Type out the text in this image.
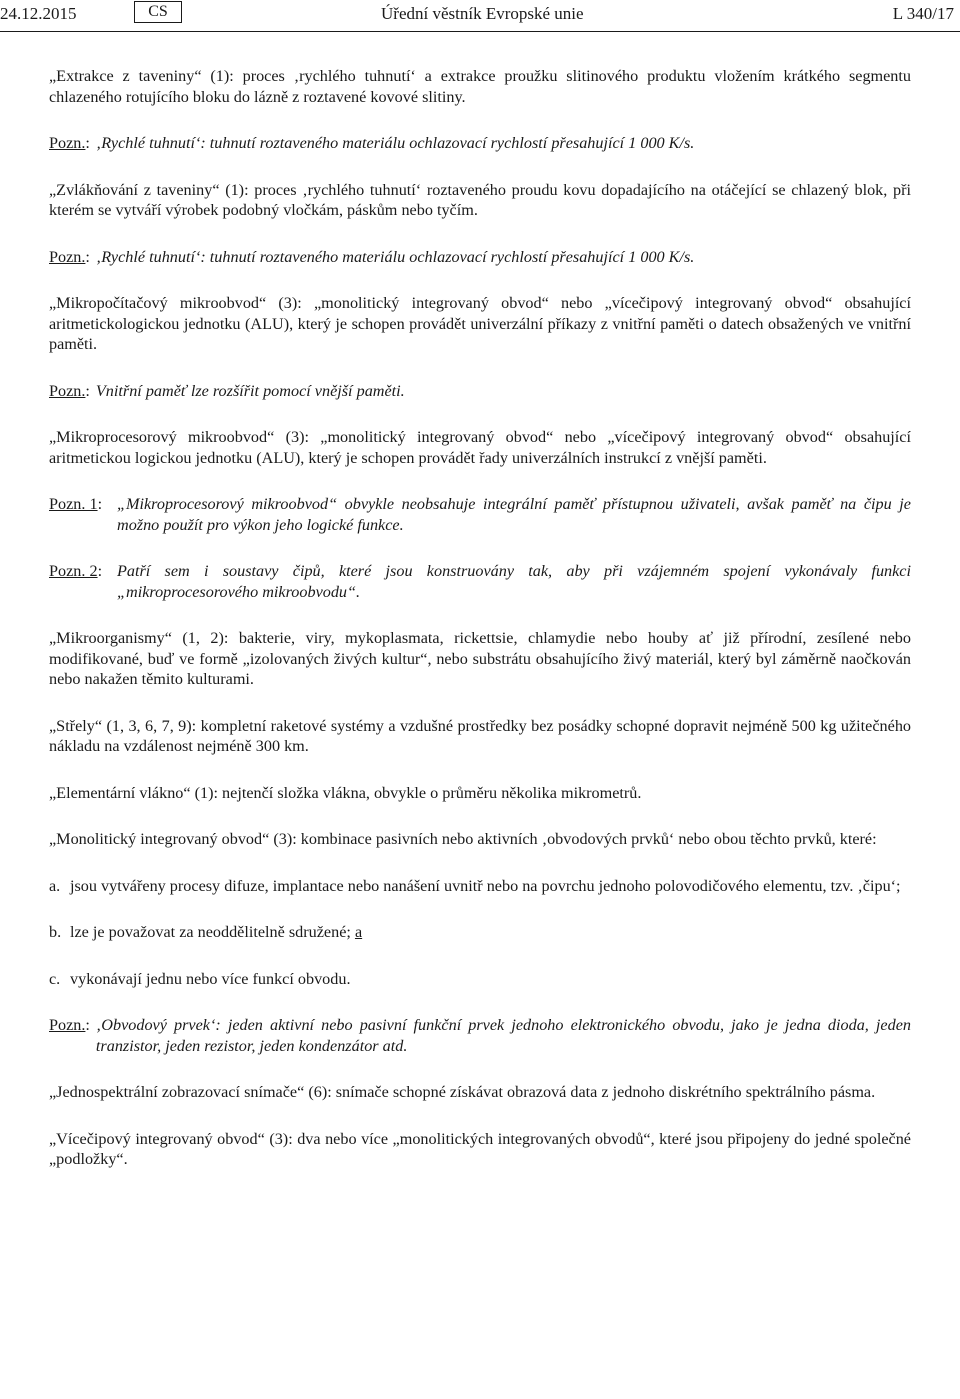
24.12.2015	CS	Úřední věstník Evropské unie	L 340/17

„Extrakce z taveniny“ (1): proces ‚rychlého tuhnutí‘ a extrakce proužku slitinového produktu vložením krátkého segmentu chlazeného rotujícího bloku do lázně z roztavené kovové slitiny.

Pozn.: ‚Rychlé tuhnutí‘: tuhnutí roztaveného materiálu ochlazovací rychlostí přesahující 1 000 K/s.

„Zvlákňování z taveniny“ (1): proces ‚rychlého tuhnutí‘ roztaveného proudu kovu dopadajícího na otáčející se chlazený blok, při kterém se vytváří výrobek podobný vločkám, páskům nebo tyčím.

Pozn.: ‚Rychlé tuhnutí‘: tuhnutí roztaveného materiálu ochlazovací rychlostí přesahující 1 000 K/s.

„Mikropočítačový mikroobvod“ (3): „monolitický integrovaný obvod“ nebo „vícečipový integrovaný obvod“ obsahující aritmetickologickou jednotku (ALU), který je schopen provádět univerzální příkazy z vnitřní paměti o datech obsažených ve vnitřní paměti.

Pozn.: Vnitřní paměť lze rozšířit pomocí vnější paměti.

„Mikroprocesorový mikroobvod“ (3): „monolitický integrovaný obvod“ nebo „vícečipový integrovaný obvod“ obsahující aritmetickou logickou jednotku (ALU), který je schopen provádět řady univerzálních instrukcí z vnější paměti.

Pozn. 1: „Mikroprocesorový mikroobvod“ obvykle neobsahuje integrální paměť přístupnou uživateli, avšak paměť na čipu je možno použít pro výkon jeho logické funkce.
Pozn. 2: Patří sem i soustavy čipů, které jsou konstruovány tak, aby při vzájemném spojení vykonávaly funkci „mikroprocesorového mikroobvodu“.

„Mikroorganismy“ (1, 2): bakterie, viry, mykoplasmata, rickettsie, chlamydie nebo houby ať již přírodní, zesílené nebo modifikované, buď ve formě „izolovaných živých kultur“, nebo substrátu obsahujícího živý materiál, který byl záměrně naočkován nebo nakažen těmito kulturami.

„Střely“ (1, 3, 6, 7, 9): kompletní raketové systémy a vzdušné prostředky bez posádky schopné dopravit nejméně 500 kg užitečného nákladu na vzdálenost nejméně 300 km.

„Elementární vlákno“ (1): nejtenčí složka vlákna, obvykle o průměru několika mikrometrů.

„Monolitický integrovaný obvod“ (3): kombinace pasivních nebo aktivních ‚obvodových prvků‘ nebo obou těchto prvků, které:

a. jsou vytvářeny procesy difuze, implantace nebo nanášení uvnitř nebo na povrchu jednoho polovodičového elementu, tzv. ‚čipu‘;
b. lze je považovat za neoddělitelně sdružené; a
c. vykonávají jednu nebo více funkcí obvodu.
Pozn.: ‚Obvodový prvek‘: jeden aktivní nebo pasivní funkční prvek jednoho elektronického obvodu, jako je jedna dioda, jeden tranzistor, jeden rezistor, jeden kondenzátor atd.

„Jednospektrální zobrazovací snímače“ (6): snímače schopné získávat obrazová data z jednoho diskrétního spektrálního pásma.

„Vícečipový integrovaný obvod“ (3): dva nebo více „monolitických integrovaných obvodů“, které jsou připojeny do jedné společné „podložky“.
